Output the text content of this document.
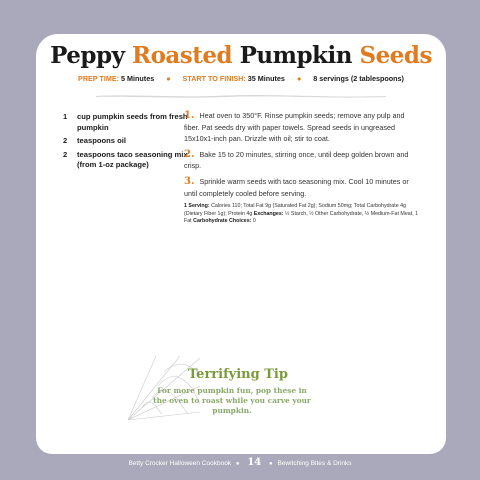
Peppy Roasted Pumpkin Seeds
PREP TIME: 5 Minutes ● START TO FINISH: 35 Minutes ● 8 servings (2 tablespoons)
1	cup pumpkin seeds from fresh pumpkin
2	teaspoons oil
2	teaspoons taco seasoning mix (from 1-oz package)
1. Heat oven to 350°F. Rinse pumpkin seeds; remove any pulp and fiber. Pat seeds dry with paper towels. Spread seeds in ungreased 15x10x1-inch pan. Drizzle with oil; stir to coat.
2. Bake 15 to 20 minutes, stirring once, until deep golden brown and crisp.
3. Sprinkle warm seeds with taco seasoning mix. Cool 10 minutes or until completely cooled before serving.
1 Serving: Calories 110; Total Fat 9g (Saturated Fat 2g); Sodium 50mg; Total Carbohydrate 4g (Dietary Fiber 1g); Protein 4g Exchanges: ½ Starch, ½ Other Carbohydrate, ½ Medium-Fat Meat, 1 Fat Carbohydrate Choices: 0
Terrifying Tip
For more pumpkin fun, pop these in the oven to roast while you carve your pumpkin.
Betty Crocker Halloween Cookbook ● 14 ● Bewitching Bites & Drinks
